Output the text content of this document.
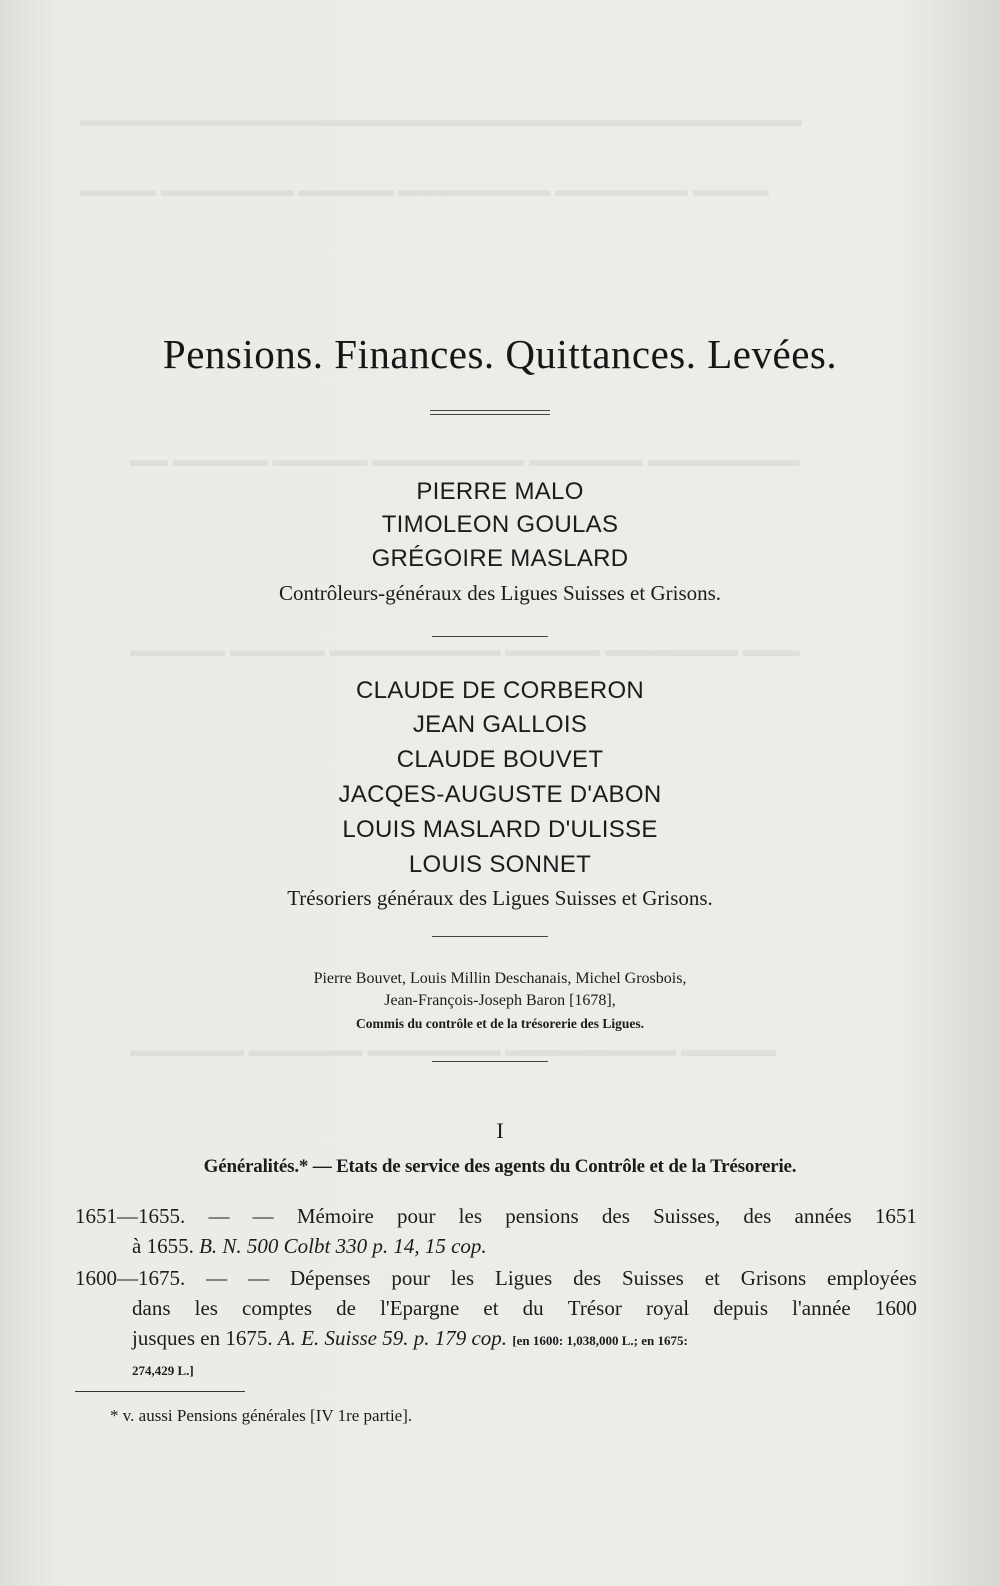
▬▬▬▬▬▬▬▬▬▬▬▬▬▬▬▬▬▬▬▬▬▬▬▬▬▬▬▬▬▬▬▬▬▬▬▬▬▬
▬▬▬▬ ▬▬▬▬▬▬▬ ▬▬▬▬▬ ▬▬▬▬▬▬▬▬ ▬▬▬▬▬▬▬ ▬▬▬▬
▬▬ ▬▬▬▬▬ ▬▬▬▬▬ ▬▬▬▬▬▬▬▬ ▬▬▬▬▬▬ ▬▬▬▬▬▬▬▬
▬▬▬▬▬ ▬▬▬▬▬ ▬▬▬▬▬▬▬▬▬ ▬▬▬▬▬ ▬▬▬▬▬▬▬ ▬▬▬
▬▬▬▬▬▬ ▬▬▬▬▬▬ ▬▬▬▬▬▬▬ ▬▬▬▬▬▬▬▬▬ ▬▬▬▬▬
Pensions. Finances. Quittances. Levées.
PIERRE MALO
TIMOLEON GOULAS
GRÉGOIRE MASLARD
Contrôleurs-généraux des Ligues Suisses et Grisons.
CLAUDE DE CORBERON
JEAN GALLOIS
CLAUDE BOUVET
JACQES-AUGUSTE D'ABON
LOUIS MASLARD D'ULISSE
LOUIS SONNET
Trésoriers généraux des Ligues Suisses et Grisons.
Pierre Bouvet, Louis Millin Deschanais, Michel Grosbois,
Jean-François-Joseph Baron [1678],
Commis du contrôle et de la trésorerie des Ligues.
I
Généralités.* — Etats de service des agents du Contrôle et de la Trésorerie.
1651—1655. — — Mémoire pour les pensions des Suisses, des années 1651
à 1655. B. N. 500 Colbt 330 p. 14, 15 cop.
1600—1675. — — Dépenses pour les Ligues des Suisses et Grisons employées
dans les comptes de l'Epargne et du Trésor royal depuis l'année 1600
jusques en 1675. A. E. Suisse 59. p. 179 cop. [en 1600: 1,038,000 L.; en 1675:
274,429 L.]
* v. aussi Pensions générales [IV 1re partie].
